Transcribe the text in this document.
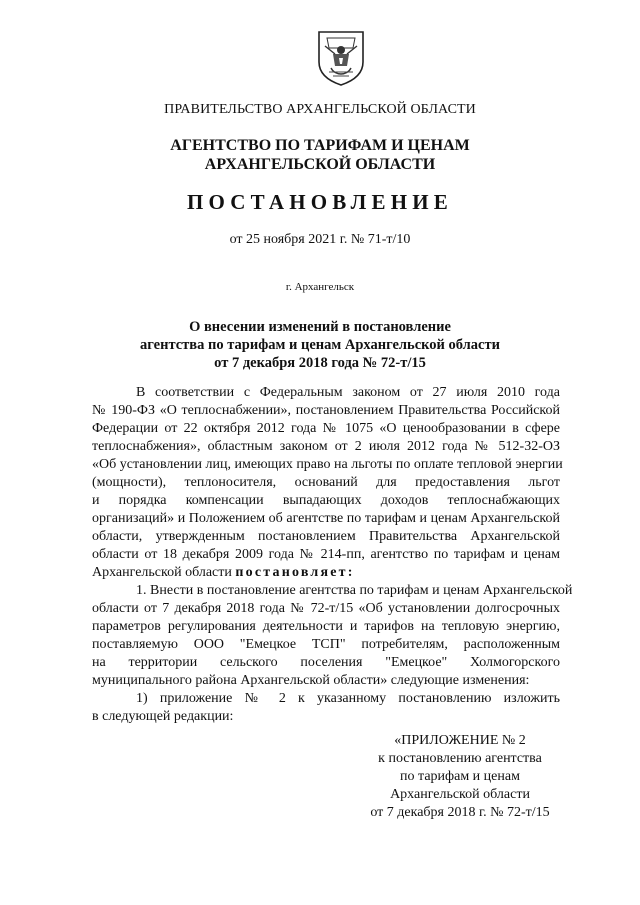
ПРАВИТЕЛЬСТВО АРХАНГЕЛЬСКОЙ ОБЛАСТИ
АГЕНТСТВО ПО ТАРИФАМ И ЦЕНАМ
АРХАНГЕЛЬСКОЙ ОБЛАСТИ
ПОСТАНОВЛЕНИЕ
от 25 ноября 2021 г. № 71-т/10
г. Архангельск
О внесении изменений в постановление
агентства по тарифам и ценам Архангельской области
от 7 декабря 2018 года № 72-т/15
В соответствии с Федеральным законом от 27 июля 2010 года
№ 190-ФЗ «О теплоснабжении», постановлением Правительства Российской
Федерации от 22 октября 2012 года № 1075 «О ценообразовании в сфере
теплоснабжения», областным законом от 2 июля 2012 года № 512-32-ОЗ
«Об установлении лиц, имеющих право на льготы по оплате тепловой энергии
(мощности), теплоносителя, оснований для предоставления льгот
и порядка компенсации выпадающих доходов теплоснабжающих
организаций» и Положением об агентстве по тарифам и ценам Архангельской
области, утвержденным постановлением Правительства Архангельской
области от 18 декабря 2009 года № 214-пп, агентство по тарифам и ценам
Архангельской области постановляет:
1. Внести в постановление агентства по тарифам и ценам Архангельской
области от 7 декабря 2018 года № 72-т/15 «Об установлении долгосрочных
параметров регулирования деятельности и тарифов на тепловую энергию,
поставляемую ООО "Емецкое ТСП" потребителям, расположенным
на территории сельского поселения "Емецкое" Холмогорского
муниципального района Архангельской области» следующие изменения:
1) приложение № 2 к указанному постановлению изложить
в следующей редакции:
«ПРИЛОЖЕНИЕ № 2
к постановлению агентства
по тарифам и ценам
Архангельской области
от 7 декабря 2018 г. № 72-т/15
